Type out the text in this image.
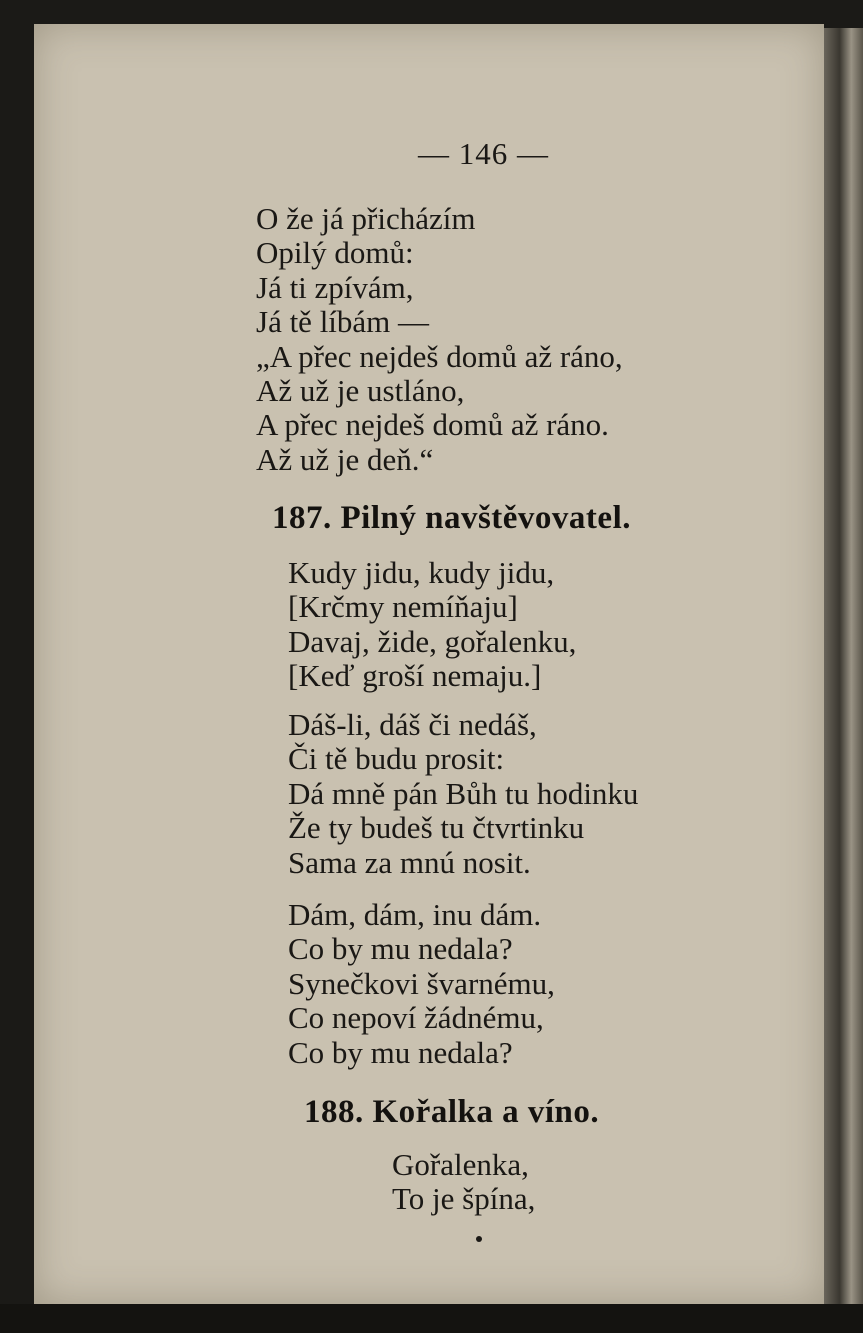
— 146 —

O že já přicházím
Opilý domů:
Já ti zpívám,
Já tě líbám —
„A přec nejdeš domů až ráno,
Až už je ustláno,
A přec nejdeš domů až ráno.
Až už je deň.“
187. Pilný navštěvovatel.
Kudy jidu, kudy jidu,
[Krčmy nemíňaju]
Davaj, žide, gořalenku,
[Keď groší nemaju.]
Dáš-li, dáš či nedáš,
Či tě budu prosit:
Dá mně pán Bůh tu hodinku
Že ty budeš tu čtvrtinku
Sama za mnú nosit.
Dám, dám, inu dám.
Co by mu nedala?
Synečkovi švarnému,
Co nepoví žádnému,
Co by mu nedala?
188. Kořalka a víno.
Gořalenka,
To je špína,
